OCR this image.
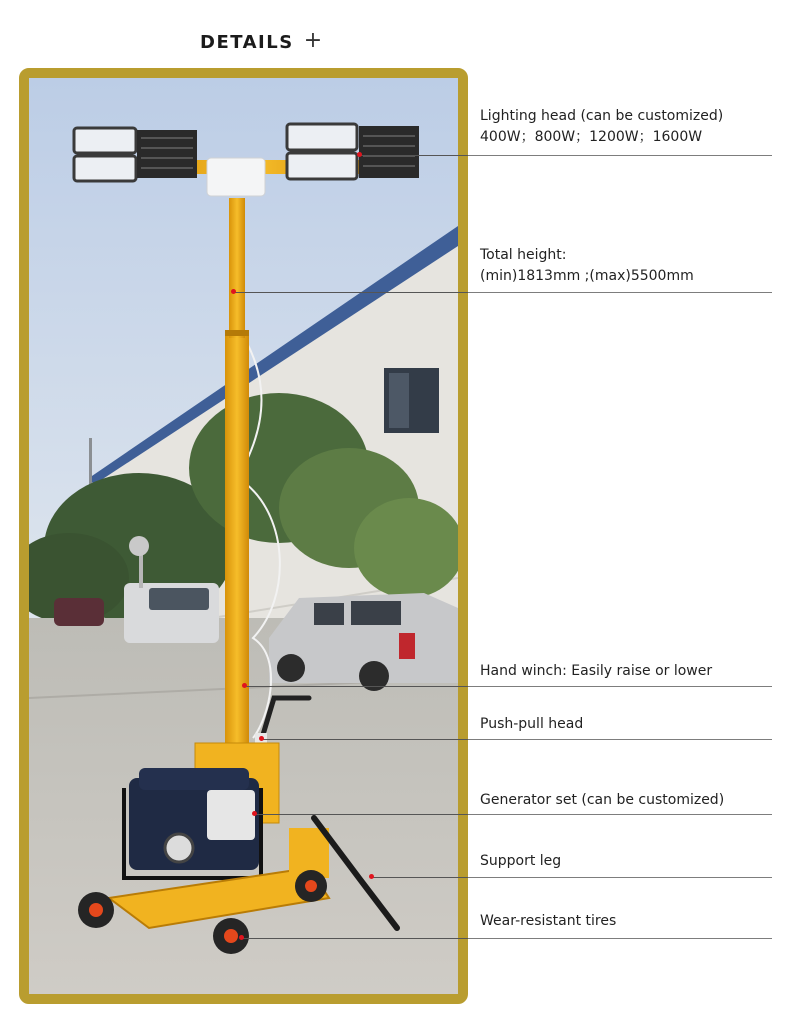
DETAILS +
Lighting head (can be customized)
400W；800W；1200W；1600W
Total height:
(min)1813mm ;(max)5500mm
Hand winch: Easily raise or lower
Push-pull head
Generator set (can be customized)
Support leg
Wear-resistant tires
